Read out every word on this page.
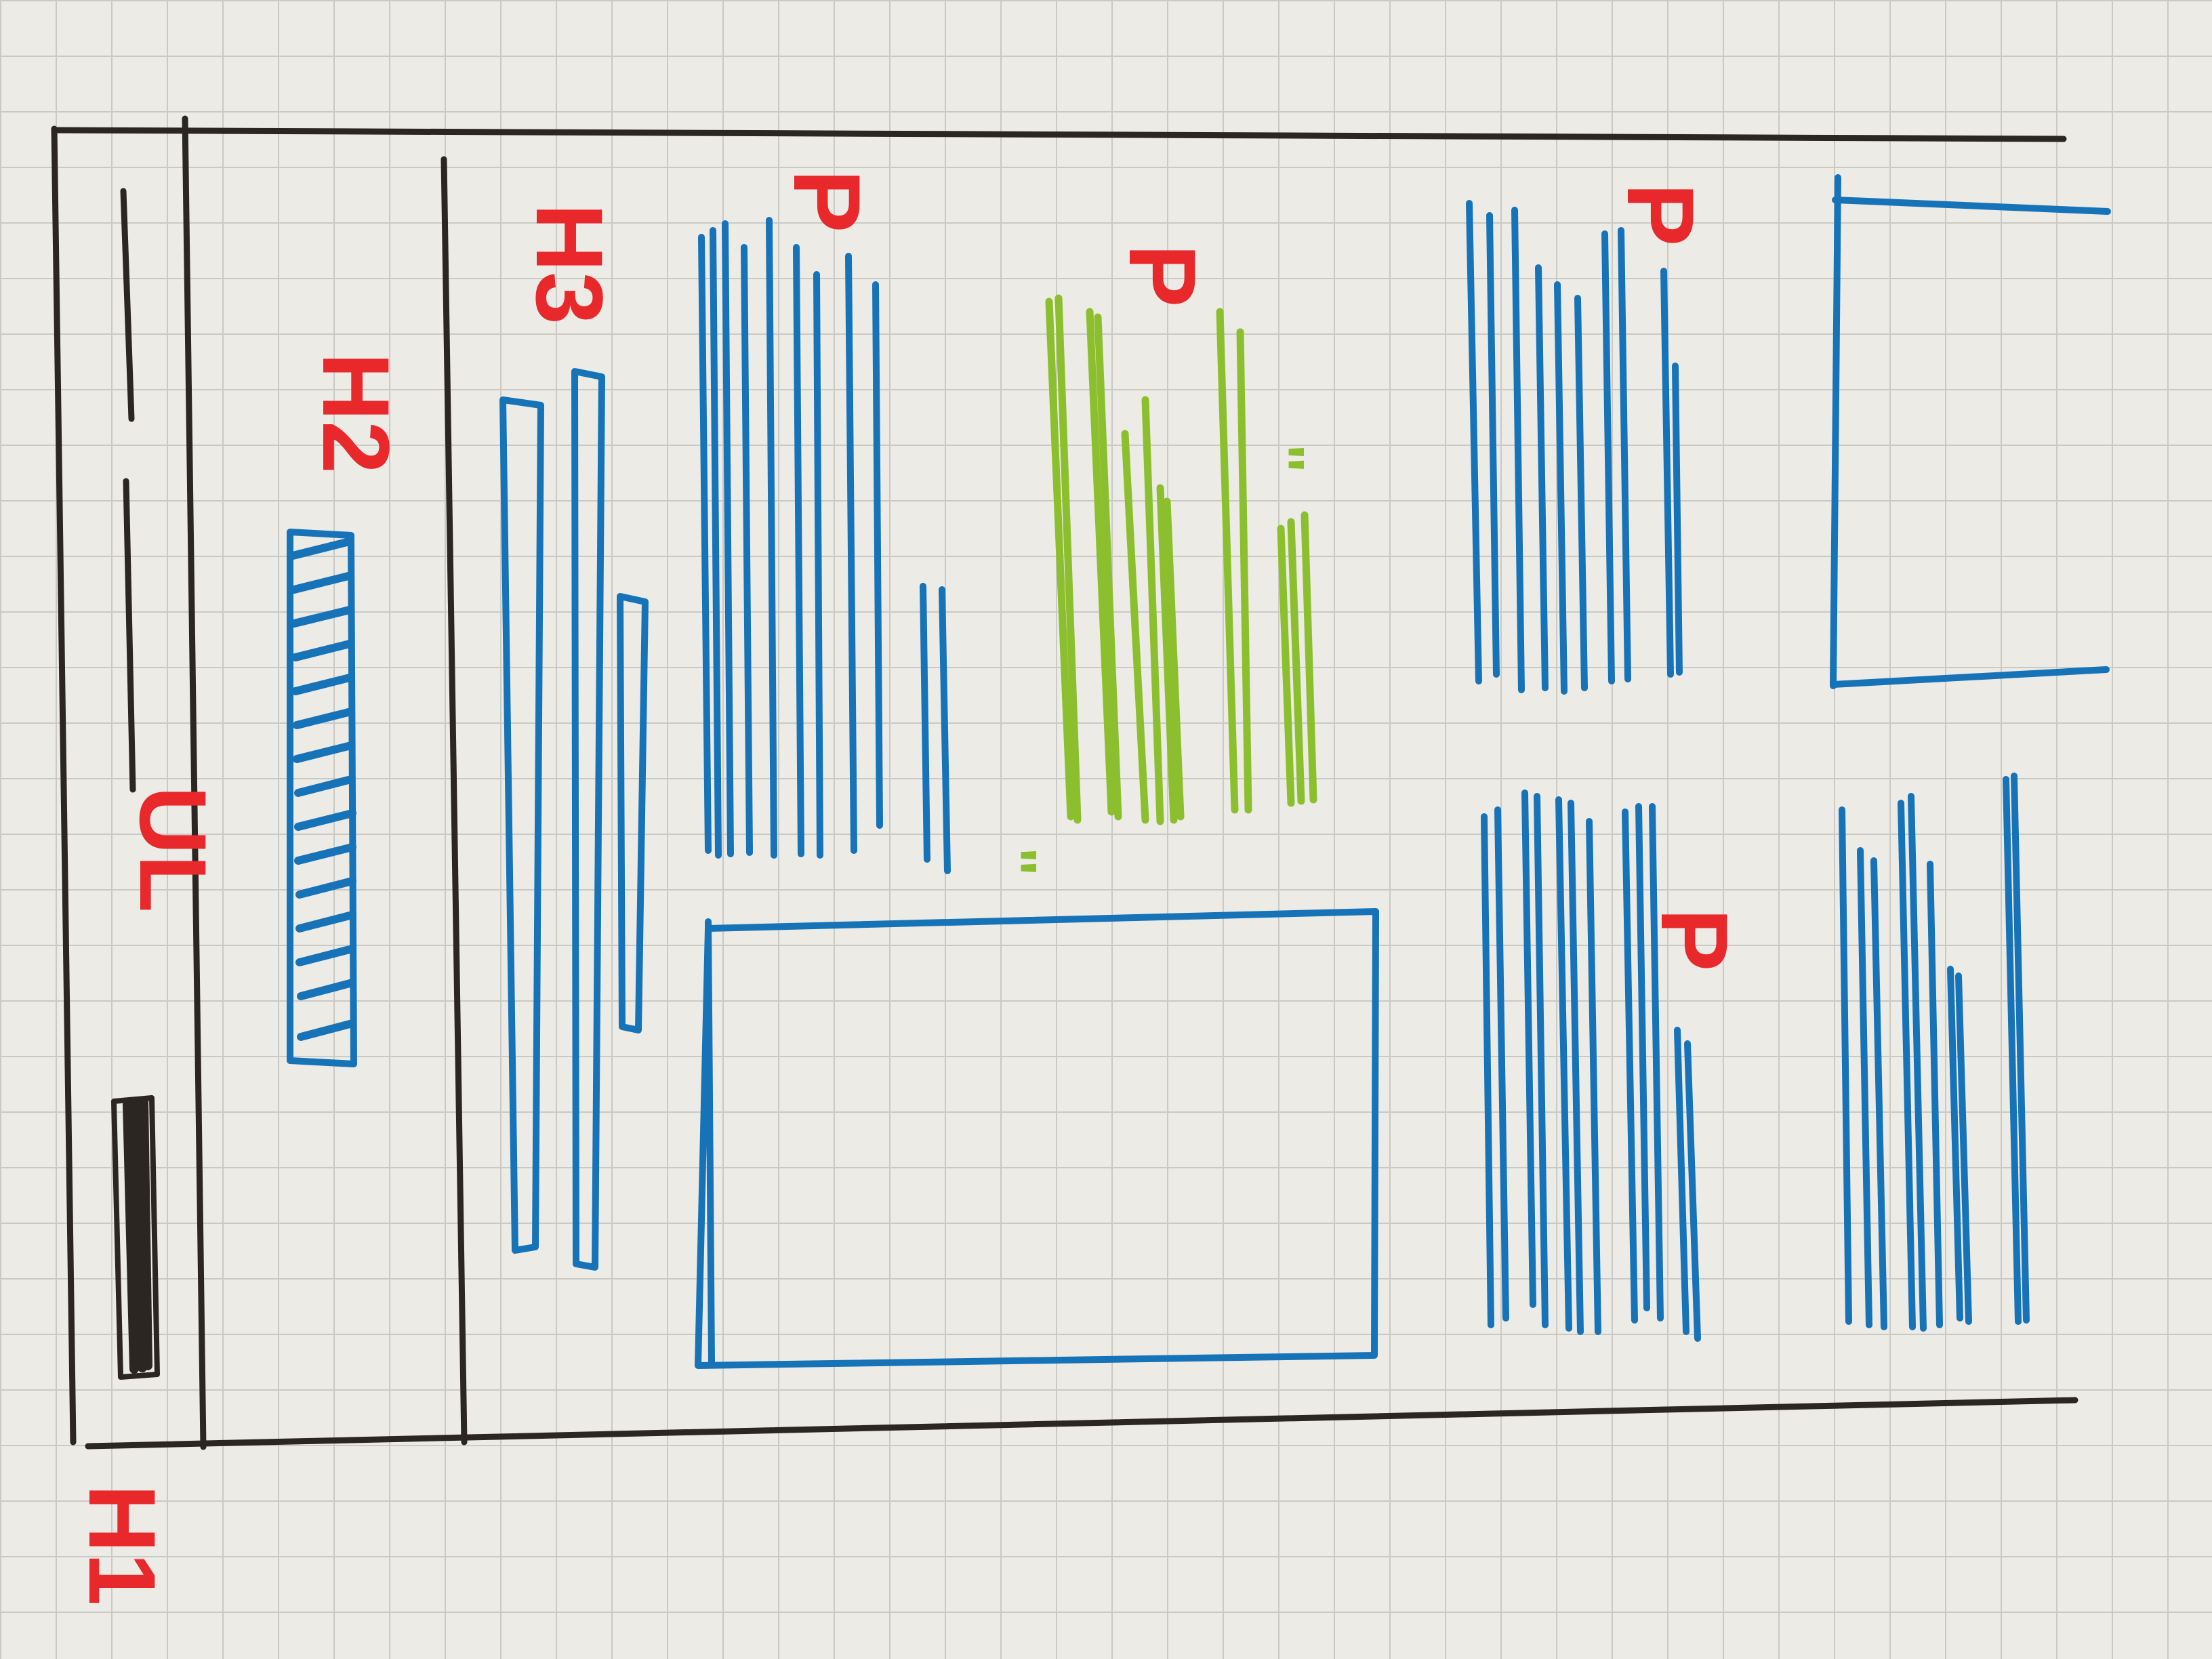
H1
UL
H2
H3
P
P
P
P
"
"
